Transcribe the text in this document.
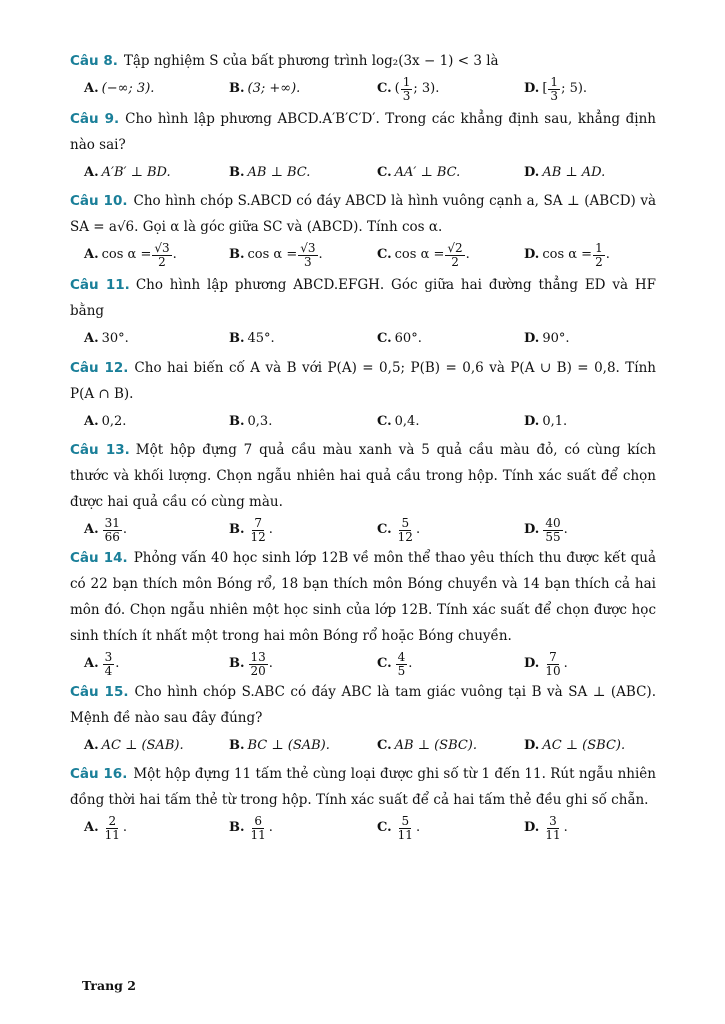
Câu 8. Tập nghiệm S của bất phương trình log₂(3x − 1) < 3 là
A. (−∞; 3).	B. (3; +∞).	C. ( $\frac{1}{3}$ ; 3).	D. [ $\frac{1}{3}$ ; 5).
Câu 9. Cho hình lập phương ABCD.A′B′C′D′. Trong các khẳng định sau, khẳng định nào sai?
A. A′B′ ⊥ BD.	B. AB ⊥ BC.	C. AA′ ⊥ BC.	D. AB ⊥ AD.
Câu 10. Cho hình chóp S.ABCD có đáy ABCD là hình vuông cạnh a, SA ⊥ (ABCD) và SA = a√6. Gọi α là góc giữa SC và (ABCD). Tính cos α.
A. $\cos \alpha = \frac{√3}{2}$ .	B. $\cos \alpha = \frac{√3}{3}$ .	C. $\cos \alpha = \frac{√2}{2}$ .	D. $\cos \alpha = \frac{1}{2}$ .
Câu 11. Cho hình lập phương ABCD.EFGH. Góc giữa hai đường thẳng ED và HF bằng
A. 30°.	B. 45°.	C. 60°.	D. 90°.
Câu 12. Cho hai biến cố A và B với P(A) = 0,5; P(B) = 0,6 và P(A ∪ B) = 0,8. Tính P(A ∩ B).
A. 0,2.	B. 0,3.	C. 0,4.	D. 0,1.
Câu 13. Một hộp đựng 7 quả cầu màu xanh và 5 quả cầu màu đỏ, có cùng kích thước và khối lượng. Chọn ngẫu nhiên hai quả cầu trong hộp. Tính xác suất để chọn được hai quả cầu có cùng màu.
A. $\frac{31}{66}$ .	B. $\frac{7}{12}$ .	C. $\frac{5}{12}$ .	D. $\frac{40}{55}$ .
Câu 14. Phỏng vấn 40 học sinh lớp 12B về môn thể thao yêu thích thu được kết quả có 22 bạn thích môn Bóng rổ, 18 bạn thích môn Bóng chuyền và 14 bạn thích cả hai môn đó. Chọn ngẫu nhiên một học sinh của lớp 12B. Tính xác suất để chọn được học sinh thích ít nhất một trong hai môn Bóng rổ hoặc Bóng chuyền.
A. $\frac{3}{4}$ .	B. $\frac{13}{20}$ .	C. $\frac{4}{5}$ .	D. $\frac{7}{10}$ .
Câu 15. Cho hình chóp S.ABC có đáy ABC là tam giác vuông tại B và SA ⊥ (ABC). Mệnh đề nào sau đây đúng?
A. AC ⊥ (SAB).	B. BC ⊥ (SAB).	C. AB ⊥ (SBC).	D. AC ⊥ (SBC).
Câu 16. Một hộp đựng 11 tấm thẻ cùng loại được ghi số từ 1 đến 11. Rút ngẫu nhiên đồng thời hai tấm thẻ từ trong hộp. Tính xác suất để cả hai tấm thẻ đều ghi số chẵn.
A. $\frac{2}{11}$ .	B. $\frac{6}{11}$ .	C. $\frac{5}{11}$ .	D. $\frac{3}{11}$ .
Trang 2
